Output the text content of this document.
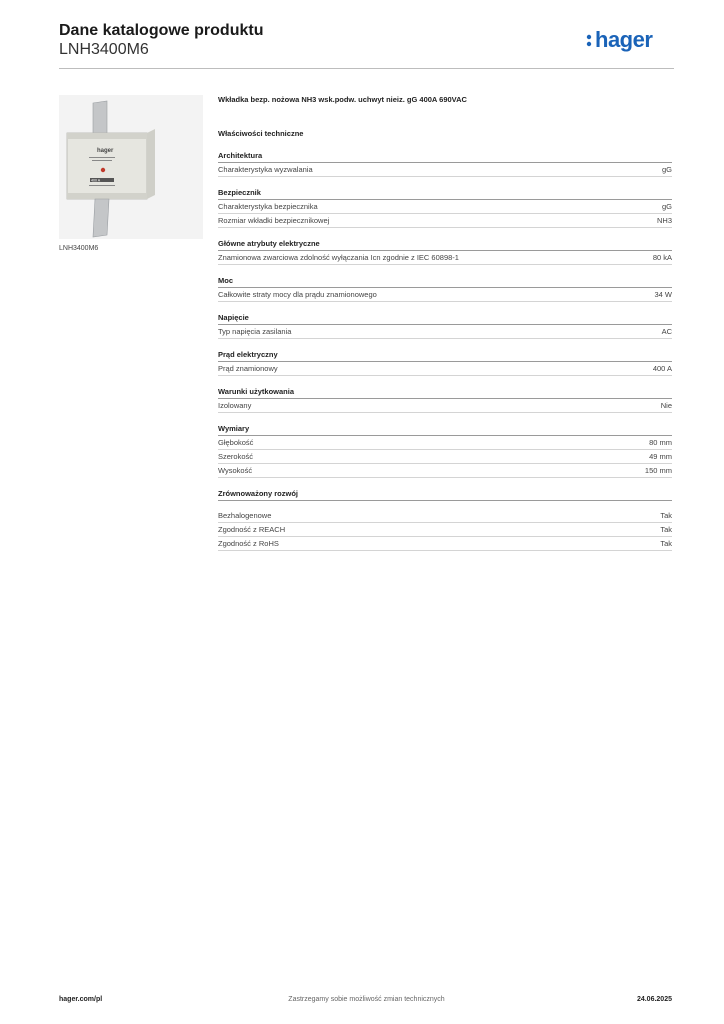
Dane katalogowe produktu
LNH3400M6	hager
hager
400 A
LNH3400M6
Wkładka bezp. nożowa NH3 wsk.podw. uchwyt nieiz. gG 400A 690VAC
Właściwości techniczne
Architektura
Charakterystyka wyzwalania	gG
Bezpiecznik
Charakterystyka bezpiecznika	gG
Rozmiar wkładki bezpiecznikowej	NH3
Główne atrybuty elektryczne
Znamionowa zwarciowa zdolność wyłączania Icn zgodnie z IEC 60898-1	80 kA
Moc
Całkowite straty mocy dla prądu znamionowego	34 W
Napięcie
Typ napięcia zasilania	AC
Prąd elektryczny
Prąd znamionowy	400 A
Warunki użytkowania
Izolowany	Nie
Wymiary
Głębokość	80 mm
Szerokość	49 mm
Wysokość	150 mm
Zrównoważony rozwój
Bezhalogenowe	Tak
Zgodność z REACH	Tak
Zgodność z RoHS	Tak
hager.com/pl	Zastrzegamy sobie możliwość zmian technicznych	24.06.2025
